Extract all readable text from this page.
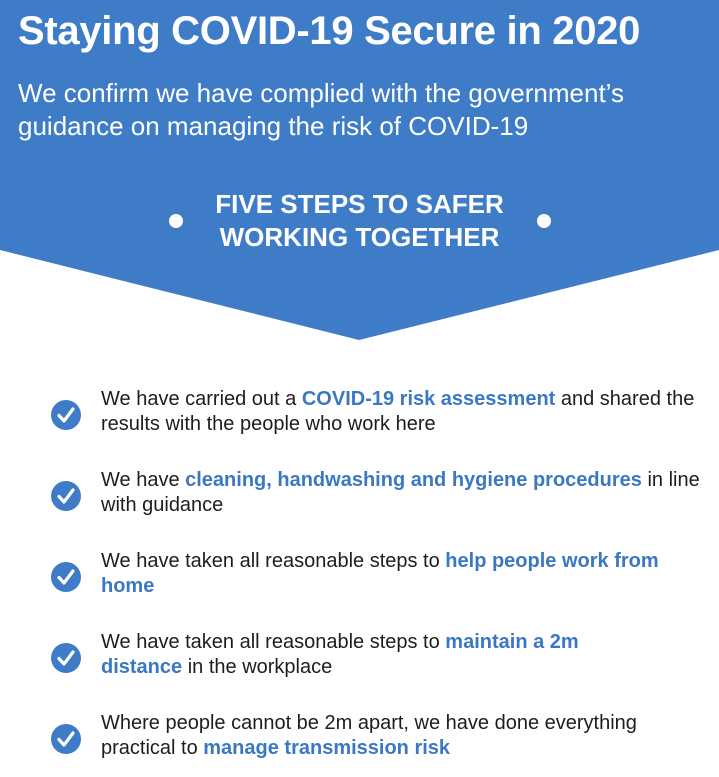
Staying COVID-19 Secure in 2020

We confirm we have complied with the government’s guidance on managing the risk of COVID-19

FIVE STEPS TO SAFER
WORKING TOGETHER

We have carried out a COVID-19 risk assessment and shared the results with the people who work here

We have cleaning, handwashing and hygiene procedures in line with guidance

We have taken all reasonable steps to help people work from home

We have taken all reasonable steps to maintain a 2m distance in the workplace

Where people cannot be 2m apart, we have done everything practical to manage transmission risk
